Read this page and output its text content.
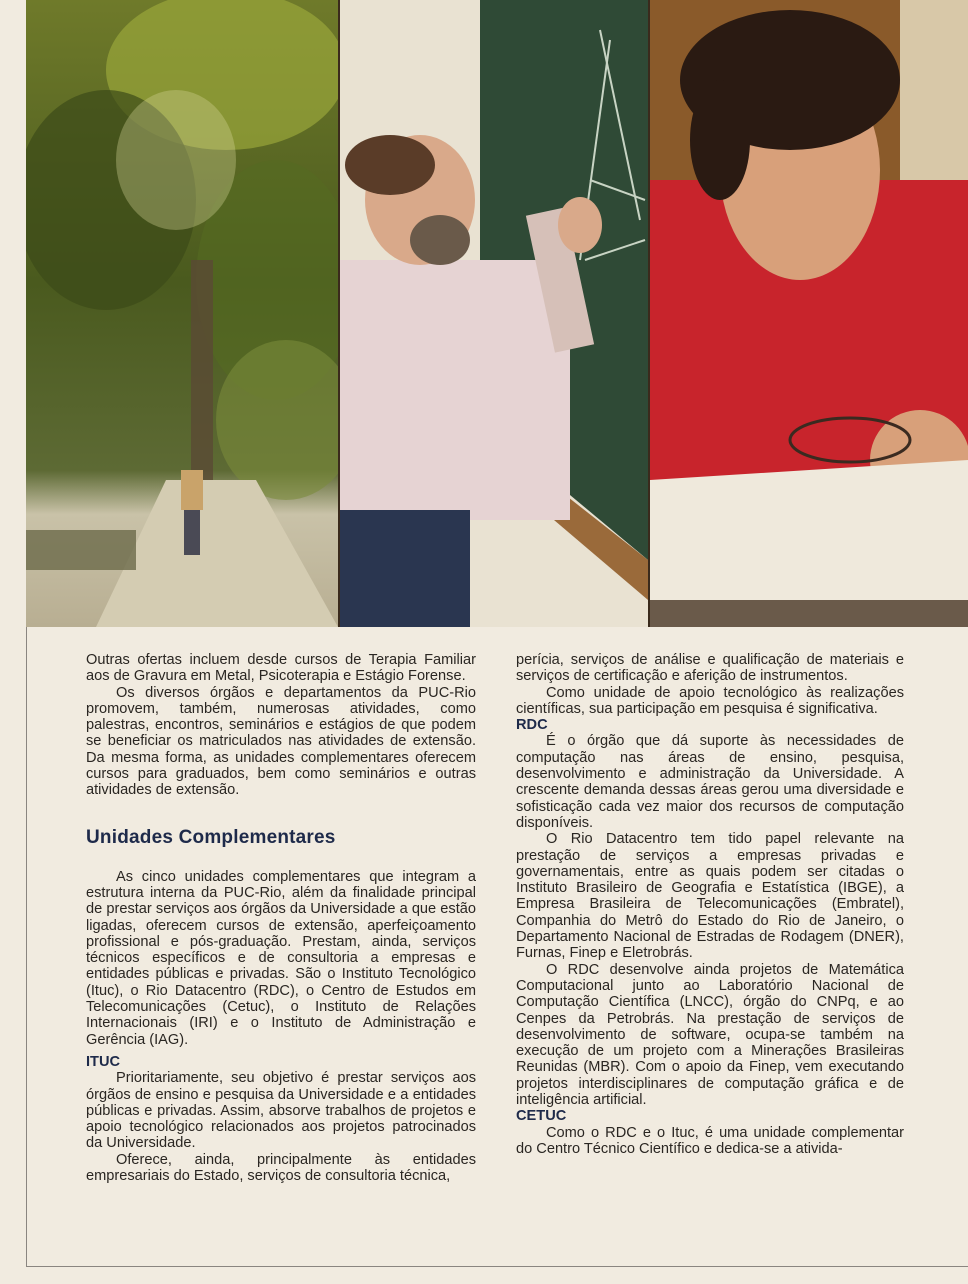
Outras ofertas incluem desde cursos de Terapia Familiar aos de Gravura em Metal, Psicoterapia e Estágio Forense.

Os diversos órgãos e departamentos da PUC-Rio promovem, também, numerosas atividades, como palestras, encontros, seminários e estágios de que podem se beneficiar os matriculados nas atividades de extensão. Da mesma forma, as unidades complementares oferecem cursos para graduados, bem como seminários e outras atividades de extensão.

Unidades Complementares

As cinco unidades complementares que integram a estrutura interna da PUC-Rio, além da finalidade principal de prestar serviços aos órgãos da Universidade a que estão ligadas, oferecem cursos de extensão, aperfeiçoamento profissional e pós-graduação. Prestam, ainda, serviços técnicos específicos e de consultoria a empresas e entidades públicas e privadas. São o Instituto Tecnológico (Ituc), o Rio Datacentro (RDC), o Centro de Estudos em Telecomunicações (Cetuc), o Instituto de Relações Internacionais (IRI) e o Instituto de Administração e Gerência (IAG).

ITUC

Prioritariamente, seu objetivo é prestar serviços aos órgãos de ensino e pesquisa da Universidade e a entidades públicas e privadas. Assim, absorve trabalhos de projetos e apoio tecnológico relacionados aos projetos patrocinados da Universidade.

Oferece, ainda, principalmente às entidades empresariais do Estado, serviços de consultoria técnica,

perícia, serviços de análise e qualificação de materiais e serviços de certificação e aferição de instrumentos.

Como unidade de apoio tecnológico às realizações científicas, sua participação em pesquisa é significativa.

RDC

É o órgão que dá suporte às necessidades de computação nas áreas de ensino, pesquisa, desenvolvimento e administração da Universidade. A crescente demanda dessas áreas gerou uma diversidade e sofisticação cada vez maior dos recursos de computação disponíveis.

O Rio Datacentro tem tido papel relevante na prestação de serviços a empresas privadas e governamentais, entre as quais podem ser citadas o Instituto Brasileiro de Geografia e Estatística (IBGE), a Empresa Brasileira de Telecomunicações (Embratel), Companhia do Metrô do Estado do Rio de Janeiro, o Departamento Nacional de Estradas de Rodagem (DNER), Furnas, Finep e Eletrobrás.

O RDC desenvolve ainda projetos de Matemática Computacional junto ao Laboratório Nacional de Computação Científica (LNCC), órgão do CNPq, e ao Cenpes da Petrobrás. Na prestação de serviços de desenvolvimento de software, ocupa-se também na execução de um projeto com a Minerações Brasileiras Reunidas (MBR). Com o apoio da Finep, vem executando projetos interdisciplinares de computação gráfica e de inteligência artificial.

CETUC

Como o RDC e o Ituc, é uma unidade complementar do Centro Técnico Científico e dedica-se a ativida-
